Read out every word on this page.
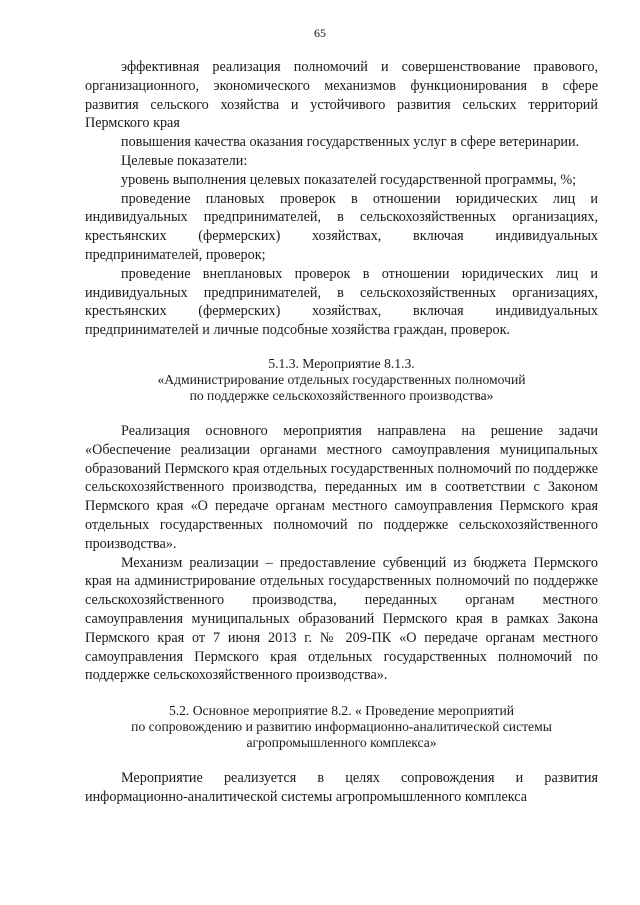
65

эффективная реализация полномочий и совершенствование правового, организационного, экономического механизмов функционирования в сфере развития сельского хозяйства и устойчивого развития сельских территорий Пермского края

повышения качества оказания государственных услуг в сфере ветеринарии.

Целевые показатели:

уровень выполнения целевых показателей государственной программы, %;

проведение плановых проверок в отношении юридических лиц и индивидуальных предпринимателей, в сельскохозяйственных организациях, крестьянских (фермерских) хозяйствах, включая индивидуальных предпринимателей, проверок;

проведение внеплановых проверок в отношении юридических лиц и индивидуальных предпринимателей, в сельскохозяйственных организациях, крестьянских (фермерских) хозяйствах, включая индивидуальных предпринимателей и личные подсобные хозяйства граждан, проверок.

5.1.3. Мероприятие 8.1.3.
«Администрирование отдельных государственных полномочий
по поддержке сельскохозяйственного производства»

Реализация основного мероприятия направлена на решение задачи «Обеспечение реализации органами местного самоуправления муниципальных образований Пермского края отдельных государственных полномочий по поддержке сельскохозяйственного производства, переданных им в соответствии с Законом Пермского края «О передаче органам местного самоуправления Пермского края отдельных государственных полномочий по поддержке сельскохозяйственного производства».

Механизм реализации – предоставление субвенций из бюджета Пермского края на администрирование отдельных государственных полномочий по поддержке сельскохозяйственного производства, переданных органам местного самоуправления муниципальных образований Пермского края в рамках Закона Пермского края от 7 июня 2013 г. № 209-ПК «О передаче органам местного самоуправления Пермского края отдельных государственных полномочий по поддержке сельскохозяйственного производства».

5.2. Основное мероприятие 8.2. « Проведение мероприятий
по сопровождению и развитию информационно-аналитической системы
агропромышленного комплекса»

Мероприятие реализуется в целях сопровождения и развития информационно-аналитической системы агропромышленного комплекса
